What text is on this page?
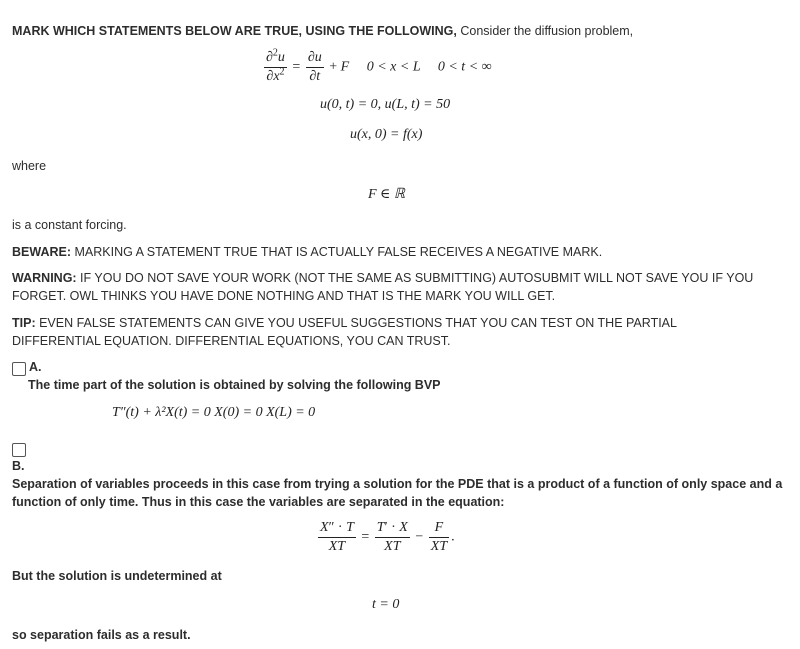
MARK WHICH STATEMENTS BELOW ARE TRUE, USING THE FOLLOWING, Consider the diffusion problem,

$\frac{\partial^2u}{\partial x^2} = \frac{\partial u}{\partial t} + F$ 0 < x < L     0 < t < ∞
u(0, t) = 0, u(L, t) = 50
u(x, 0) = f(x)

where

F ∈ ℝ

is a constant forcing.

BEWARE: MARKING A STATEMENT TRUE THAT IS ACTUALLY FALSE RECEIVES A NEGATIVE MARK.

WARNING: IF YOU DO NOT SAVE YOUR WORK (NOT THE SAME AS SUBMITTING) AUTOSUBMIT WILL NOT SAVE YOU IF YOU

FORGET. OWL THINKS YOU HAVE DONE NOTHING AND THAT IS THE MARK YOU WILL GET.

TIP: EVEN FALSE STATEMENTS CAN GIVE YOU USEFUL SUGGESTIONS THAT YOU CAN TEST ON THE PARTIAL

DIFFERENTIAL EQUATION. DIFFERENTIAL EQUATIONS, YOU CAN TRUST.

A.

The time part of the solution is obtained by solving the following BVP

T″(t) + λ²X(t) = 0 X(0) = 0 X(L) = 0
B.

Separation of variables proceeds in this case from trying a solution for the PDE that is a product of a function of only space and a

function of only time. Thus in this case the variables are separated in the equation:

$\frac{X'' \cdot T}{XT} = \frac{T' \cdot X}{XT} - \frac{F}{XT}$ .

But the solution is undetermined at

t = 0

so separation fails as a result.
